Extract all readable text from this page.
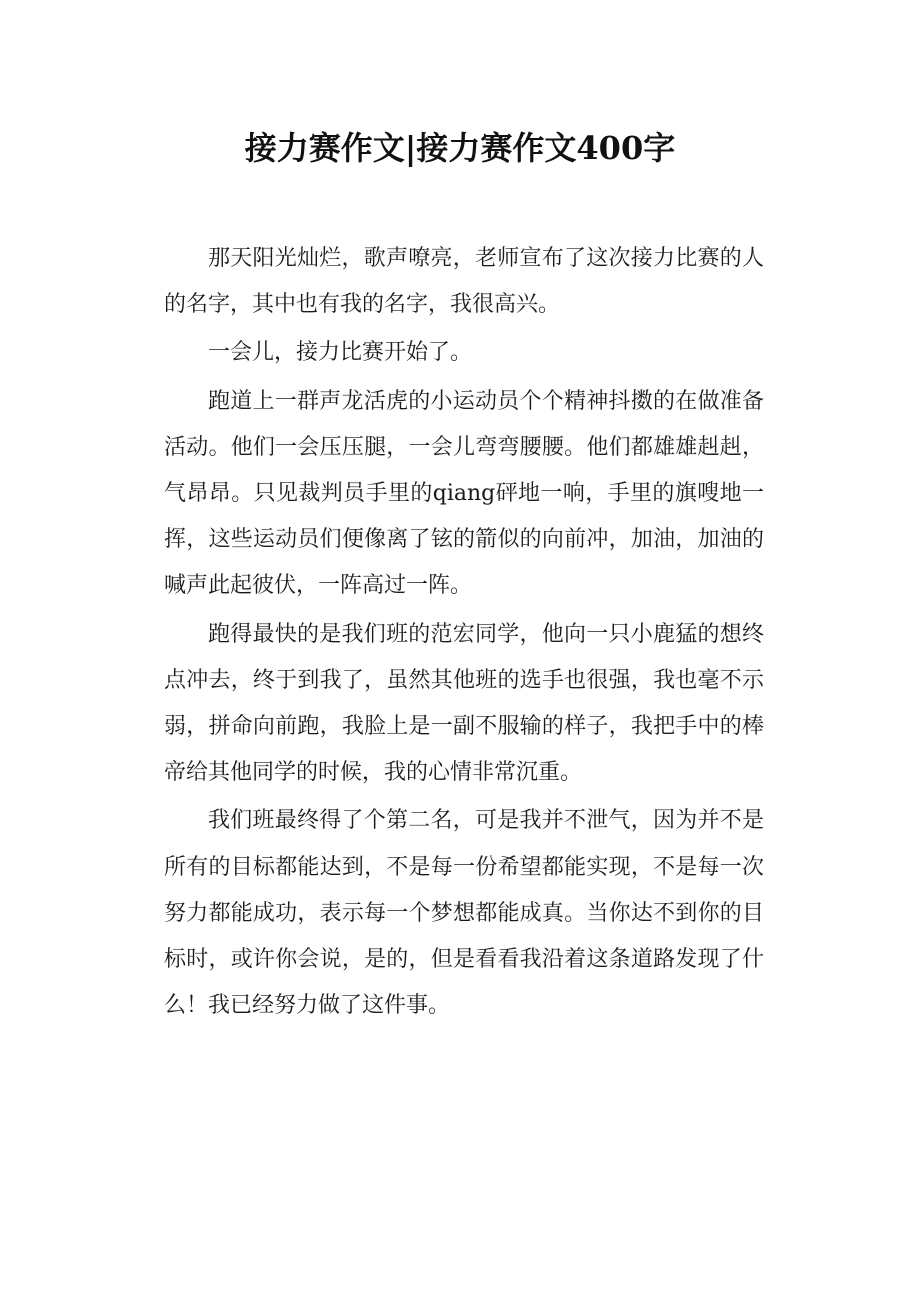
接力赛作文|接力赛作文400字

那天阳光灿烂，歌声嘹亮，老师宣布了这次接力比赛的人的名字，其中也有我的名字，我很高兴。

一会儿，接力比赛开始了。

跑道上一群声龙活虎的小运动员个个精神抖擞的在做准备活动。他们一会压压腿，一会儿弯弯腰腰。他们都雄雄赳赳，气昂昂。只见裁判员手里的qiang砰地一响，手里的旗嗖地一挥，这些运动员们便像离了铉的箭似的向前冲，加油，加油的喊声此起彼伏，一阵高过一阵。

跑得最快的是我们班的范宏同学，他向一只小鹿猛的想终点冲去，终于到我了，虽然其他班的选手也很强，我也毫不示弱，拼命向前跑，我脸上是一副不服输的样子，我把手中的棒帝给其他同学的时候，我的心情非常沉重。

我们班最终得了个第二名，可是我并不泄气，因为并不是所有的目标都能达到，不是每一份希望都能实现，不是每一次努力都能成功，表示每一个梦想都能成真。当你达不到你的目标时，或许你会说，是的，但是看看我沿着这条道路发现了什么！我已经努力做了这件事。
